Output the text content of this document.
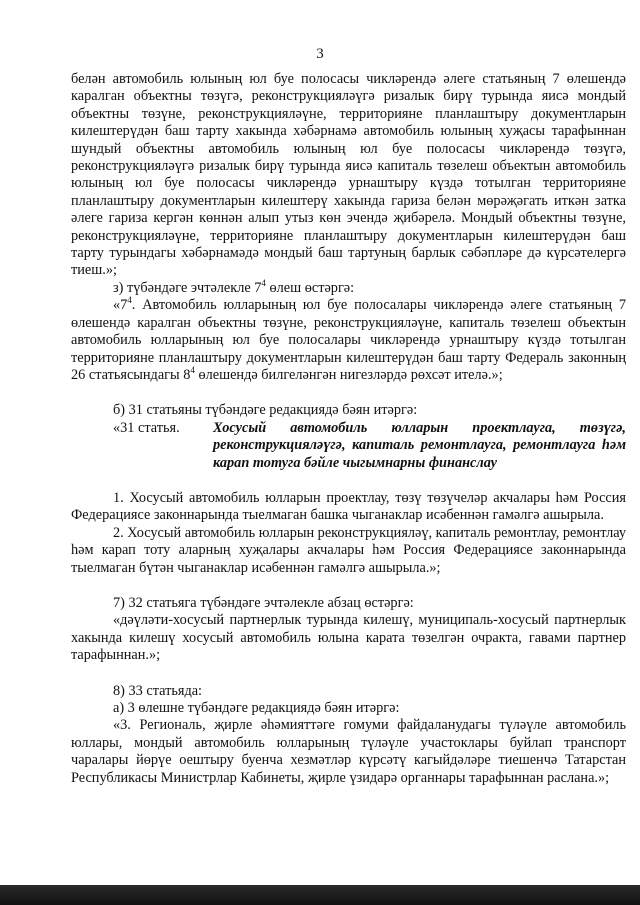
3

белән автомобиль юлының юл буе полосасы чикләрендә әлеге статьяның 7 өлешендә каралган объектны төзүгә, реконструкцияләүгә ризалык бирү турында яисә мондый объектны төзүне, реконструкцияләүне, территорияне планлаштыру документларын килештерүдән баш тарту хакында хәбәрнамә автомобиль юлының хуҗасы тарафыннан шундый объектны автомобиль юлының юл буе полосасы чикләрендә төзүгә, реконструкцияләүгә ризалык бирү турында яисә капиталь төзелеш объектын автомобиль юлының юл буе полосасы чикләрендә урнаштыру күздә тотылган территорияне планлаштыру документларын килештерү хакында гариза белән мөрәҗәгать иткән затка әлеге гариза кергән көннән алып утыз көн эчендә җибәрелә. Мондый объектны төзүне, реконструкцияләүне, территорияне планлаштыру документларын килештерүдән баш тарту турындагы хәбәрнамәдә мондый баш тартуның барлык сәбәпләре дә күрсәтелергә тиеш.»;

з) түбәндәге эчтәлекле $7^4$ өлеш өстәргә:

«$7^4$. Автомобиль юлларының юл буе полосалары чикләрендә әлеге статьяның 7 өлешендә каралган объектны төзүне, реконструкцияләүне, капиталь төзелеш объектын автомобиль юлларының юл буе полосалары чикләрендә урнаштыру күздә тотылган территорияне планлаштыру документларын килештерүдән баш тарту Федераль законның 26 статьясындагы $8^4$ өлешендә билгеләнгән нигезләрдә рөхсәт ителә.»;

б) 31 статьяны түбәндәге редакциядә бәян итәргә:

«31 статья.	Хосусый автомобиль юлларын проектлауга, төзүгә, реконструкцияләүгә, капиталь ремонтлауга, ремонтлауга һәм карап тотуга бәйле чыгымнарны финанслау

1. Хосусый автомобиль юлларын проектлау, төзү төзүчеләр акчалары һәм Россия Федерациясе законнарында тыелмаган башка чыганаклар исәбеннән гамәлгә ашырыла.

2. Хосусый автомобиль юлларын реконструкцияләү, капиталь ремонтлау, ремонтлау һәм карап тоту аларның хуҗалары акчалары һәм Россия Федерациясе законнарында тыелмаган бүтән чыганаклар исәбеннән гамәлгә ашырыла.»;

7) 32 статьяга түбәндәге эчтәлекле абзац өстәргә:

«дәүләти-хосусый партнерлык турында килешү, муниципаль-хосусый партнерлык хакында килешү хосусый автомобиль юлына карата төзелгән очракта, гавами партнер тарафыннан.»;

8) 33 статьяда:

а) 3 өлешне түбәндәге редакциядә бәян итәргә:

«3. Региональ, җирле әһәмияттәге гомуми файдаланудагы түләүле автомобиль юллары, мондый автомобиль юлларының түләүле участоклары буйлап транспорт чаралары йөрүе оештыру буенча хезмәтләр күрсәтү кагыйдәләре тиешенчә Татарстан Республикасы Министрлар Кабинеты, җирле үзидарә органнары тарафыннан раслана.»;
